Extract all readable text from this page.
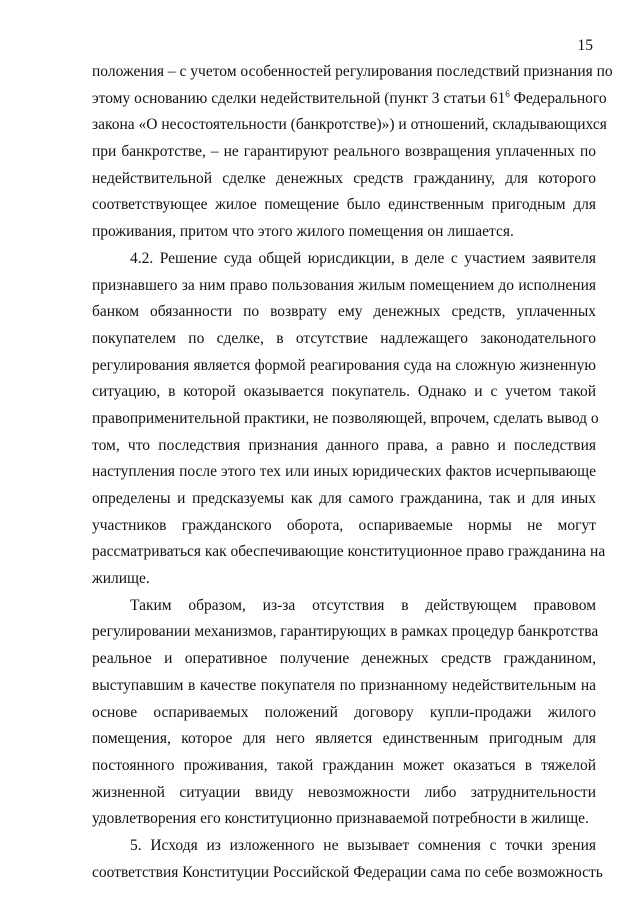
15
положения – с учетом особенностей регулирования последствий признания по
этому основанию сделки недействительной (пункт 3 статьи $61^6$ Федерального
закона «О несостоятельности (банкротстве)») и отношений, складывающихся
при банкротстве, – не гарантируют реального возвращения уплаченных по
недействительной сделке денежных средств гражданину, для которого
соответствующее жилое помещение было единственным пригодным для
проживания, притом что этого жилого помещения он лишается.
4.2. Решение суда общей юрисдикции, в деле с участием заявителя
признавшего за ним право пользования жилым помещением до исполнения
банком обязанности по возврату ему денежных средств, уплаченных
покупателем по сделке, в отсутствие надлежащего законодательного
регулирования является формой реагирования суда на сложную жизненную
ситуацию, в которой оказывается покупатель. Однако и с учетом такой
правоприменительной практики, не позволяющей, впрочем, сделать вывод о
том, что последствия признания данного права, а равно и последствия
наступления после этого тех или иных юридических фактов исчерпывающе
определены и предсказуемы как для самого гражданина, так и для иных
участников гражданского оборота, оспариваемые нормы не могут
рассматриваться как обеспечивающие конституционное право гражданина на
жилище.
Таким образом, из-за отсутствия в действующем правовом
регулировании механизмов, гарантирующих в рамках процедур банкротства
реальное и оперативное получение денежных средств гражданином,
выступавшим в качестве покупателя по признанному недействительным на
основе оспариваемых положений договору купли-продажи жилого
помещения, которое для него является единственным пригодным для
постоянного проживания, такой гражданин может оказаться в тяжелой
жизненной ситуации ввиду невозможности либо затруднительности
удовлетворения его конституционно признаваемой потребности в жилище.
5. Исходя из изложенного не вызывает сомнения с точки зрения
соответствия Конституции Российской Федерации сама по себе возможность
